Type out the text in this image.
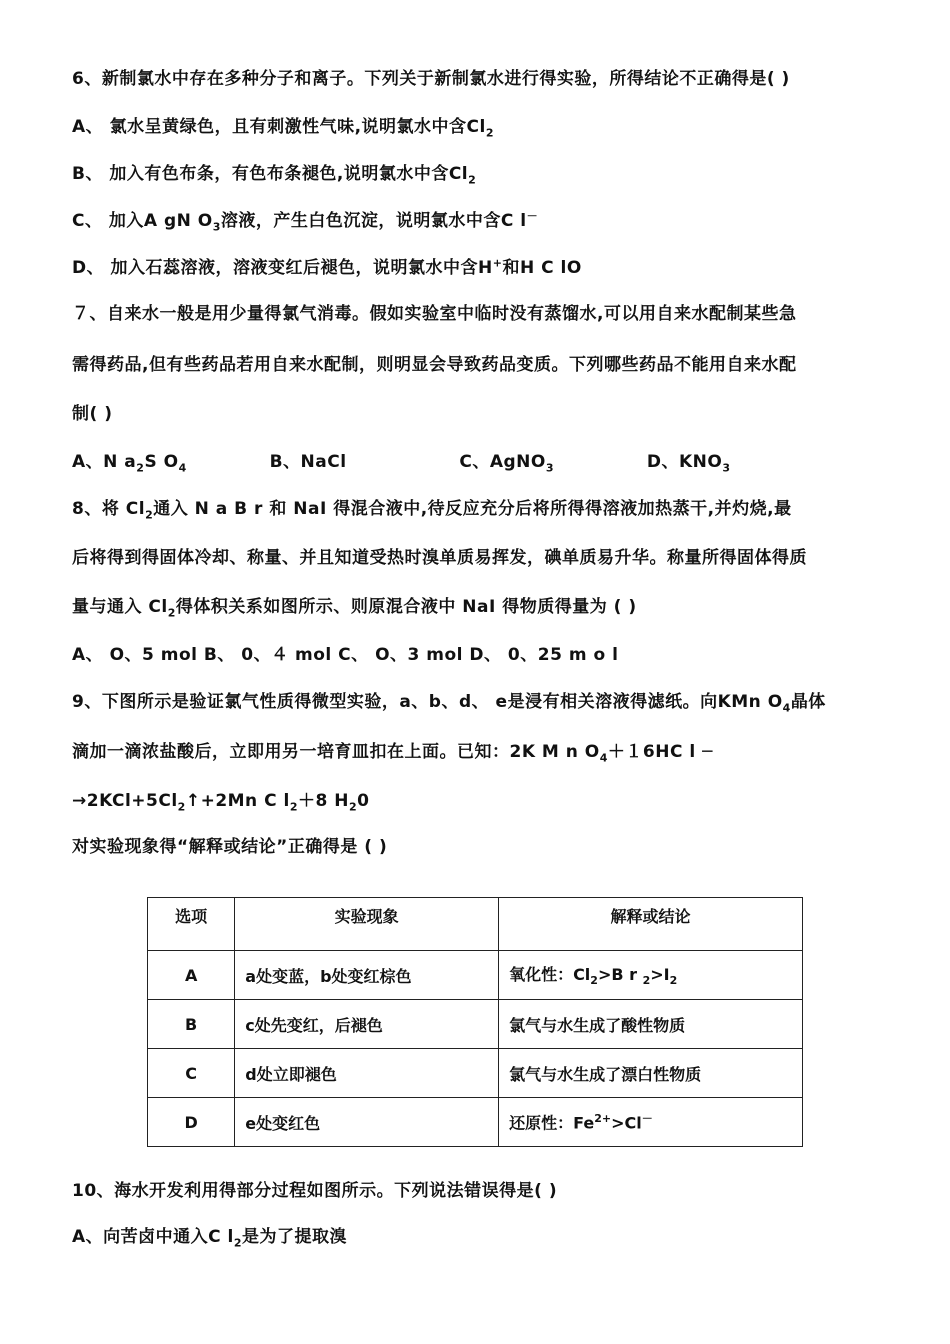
6、新制氯水中存在多种分子和离子。下列关于新制氯水进行得实验，所得结论不正确得是( )
A、 氯水呈黄绿色，且有刺激性气味,说明氯水中含$Cl_2$
B、 加入有色布条，有色布条褪色,说明氯水中含$Cl_2$
C、 加入A gN $O_3$溶液，产生白色沉淀，说明氯水中含C l－
D、 加入石蕊溶液，溶液变红后褪色，说明氯水中含H+和H C lO
７、自来水一般是用少量得氯气消毒。假如实验室中临时没有蒸馏水,可以用自来水配制某些急
需得药品,但有些药品若用自来水配制，则明显会导致药品变质。下列哪些药品不能用自来水配
制( )
A、N $a_2S$ $O_4$	B、NaCl	C、AgNO$_3$	D、$KNO_3$
8、将 $Cl_2$通入 N a B r 和 NaI 得混合液中,待反应充分后将所得得溶液加热蒸干,并灼烧,最
后将得到得固体冷却、称量、并且知道受热时溴单质易挥发，碘单质易升华。称量所得固体得质
量与通入 $Cl_2$得体积关系如图所示、则原混合液中 NaI 得物质得量为 ( )
A、 O、5 mol B、 0、４ mol C、 O、3 mol D、 0、25 m o l
9、下图所示是验证氯气性质得微型实验，a、b、d、 e是浸有相关溶液得滤纸。向KMn $O_4$晶体
滴加一滴浓盐酸后，立即用另一培育皿扣在上面。已知：2K M n $O_4+16HC$ l ─
$\to 2KCl+5Cl_2↑+2Mn$ C $l_2+8$ $H_20$
对实验现象得“解释或结论”正确得是 ( )
选项	实验现象	解释或结论
A	a处变蓝，b处变红棕色	氧化性：$Cl_2>B$ r $_2>I_2$
B	c处先变红，后褪色	氯气与水生成了酸性物质
C	d处立即褪色	氯气与水生成了漂白性物质
D	e处变红色	还原性：$Fe^{2+}>Cl^-$
10、海水开发利用得部分过程如图所示。下列说法错误得是( )
A、向苦卤中通入C $l_2$是为了提取溴
